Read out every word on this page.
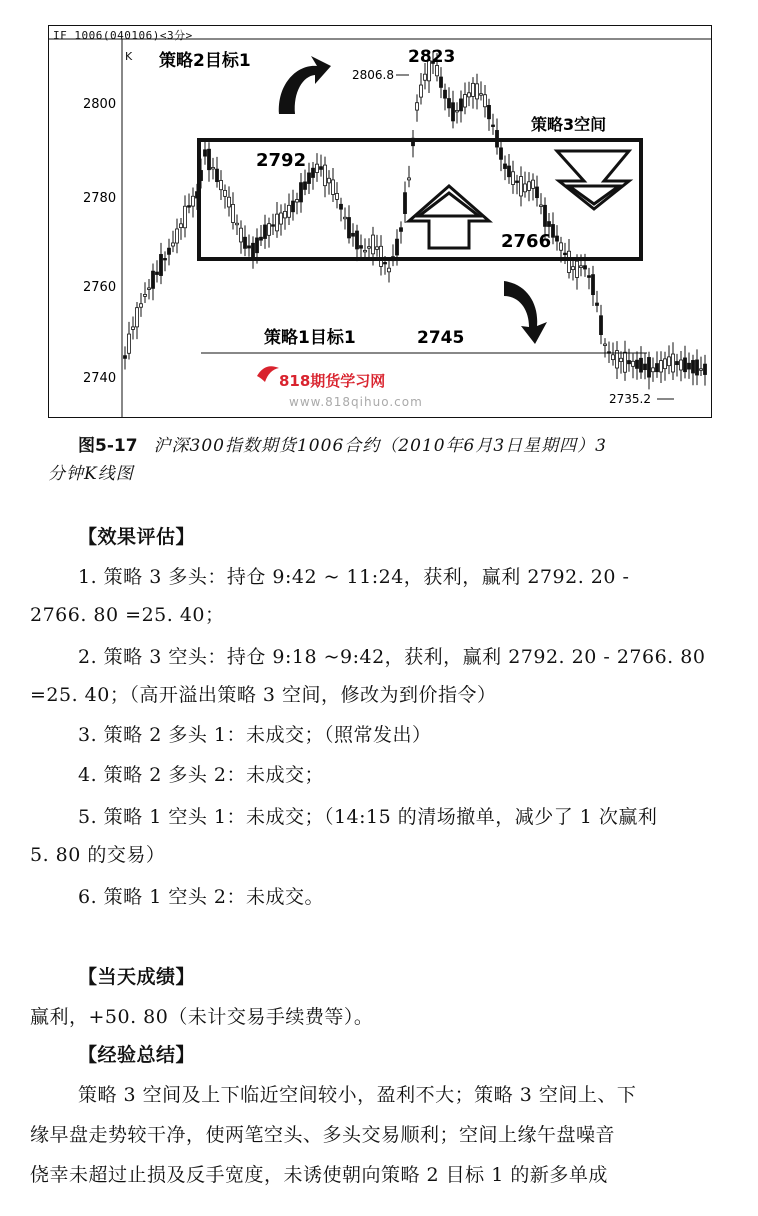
IF 1006(040106)<3分>
K
2800
2780
2760
2740
策略2目标1	2823
2806.8
策略3空间
2792
2766
策略1目标1	2745
2735.2
818期货学习网
www.818qihuo.com
图5-17 沪深300指数期货1006合约（2010年6月3日星期四）3
分钟K线图
【效果评估】
1. 策略 3 多头：持仓 9:42 ~ 11:24，获利，赢利 2792. 20 -
2766. 80 =25. 40；
2. 策略 3 空头：持仓 9:18 ~9:42，获利，赢利 2792. 20 - 2766. 80
=25. 40；（高开溢出策略 3 空间，修改为到价指令）
3. 策略 2 多头 1：未成交；（照常发出）
4. 策略 2 多头 2：未成交；
5. 策略 1 空头 1：未成交；（14:15 的清场撤单，减少了 1 次赢利
5. 80 的交易）
6. 策略 1 空头 2：未成交。
【当天成绩】
赢利，+50. 80（未计交易手续费等）。
【经验总结】
策略 3 空间及上下临近空间较小，盈利不大；策略 3 空间上、下
缘早盘走势较干净，使两笔空头、多头交易顺利；空间上缘午盘噪音
侥幸未超过止损及反手宽度，未诱使朝向策略 2 目标 1 的新多单成
